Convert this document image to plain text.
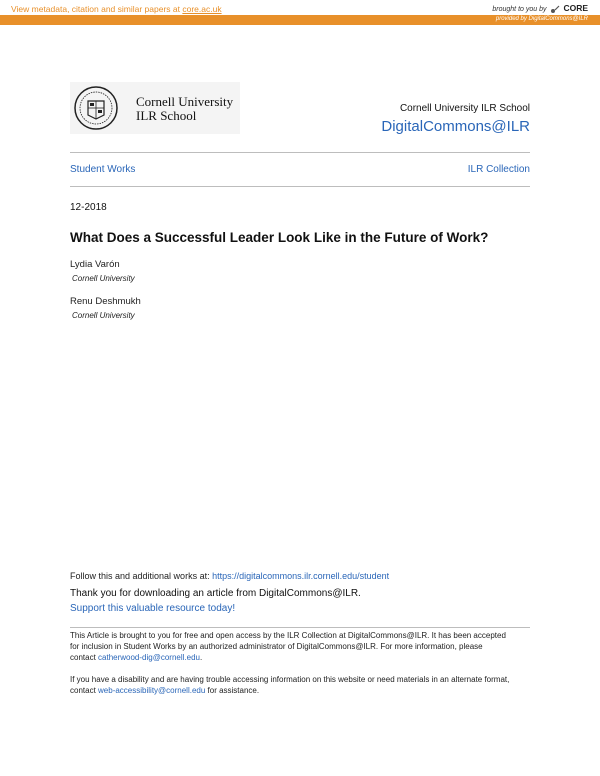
View metadata, citation and similar papers at core.ac.uk	brought to you by CORE
provided by DigitalCommons@ILR
Cornell University
ILR School	Cornell University ILR School
DigitalCommons@ILR
Student Works	ILR Collection
12-2018
What Does a Successful Leader Look Like in the Future of Work?
Lydia Varón
Cornell University
Renu Deshmukh
Cornell University
Follow this and additional works at: https://digitalcommons.ilr.cornell.edu/student
Thank you for downloading an article from DigitalCommons@ILR.
Support this valuable resource today!
This Article is brought to you for free and open access by the ILR Collection at DigitalCommons@ILR. It has been accepted for inclusion in Student Works by an authorized administrator of DigitalCommons@ILR. For more information, please contact catherwood-dig@cornell.edu.
If you have a disability and are having trouble accessing information on this website or need materials in an alternate format, contact web-accessibility@cornell.edu for assistance.
